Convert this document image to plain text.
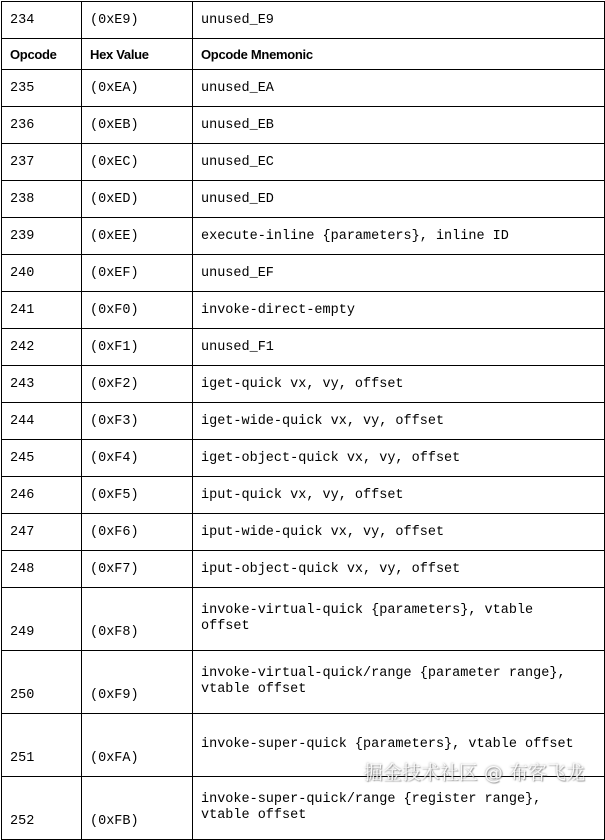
234	(0xE9)	unused_E9
Opcode	Hex Value	Opcode Mnemonic
235	(0xEA)	unused_EA
236	(0xEB)	unused_EB
237	(0xEC)	unused_EC
238	(0xED)	unused_ED
239	(0xEE)	execute-inline {parameters}, inline ID
240	(0xEF)	unused_EF
241	(0xF0)	invoke-direct-empty
242	(0xF1)	unused_F1
243	(0xF2)	iget-quick vx, vy, offset
244	(0xF3)	iget-wide-quick vx, vy, offset
245	(0xF4)	iget-object-quick vx, vy, offset
246	(0xF5)	iput-quick vx, vy, offset
247	(0xF6)	iput-wide-quick vx, vy, offset
248	(0xF7)	iput-object-quick vx, vy, offset
249	(0xF8)	invoke-virtual-quick {parameters}, vtable offset
250	(0xF9)	invoke-virtual-quick/range {parameter range}, vtable offset
251	(0xFA)	invoke-super-quick {parameters}, vtable offset
252	(0xFB)	invoke-super-quick/range {register range}, vtable offset
掘金技术社区 @ 布客飞龙
